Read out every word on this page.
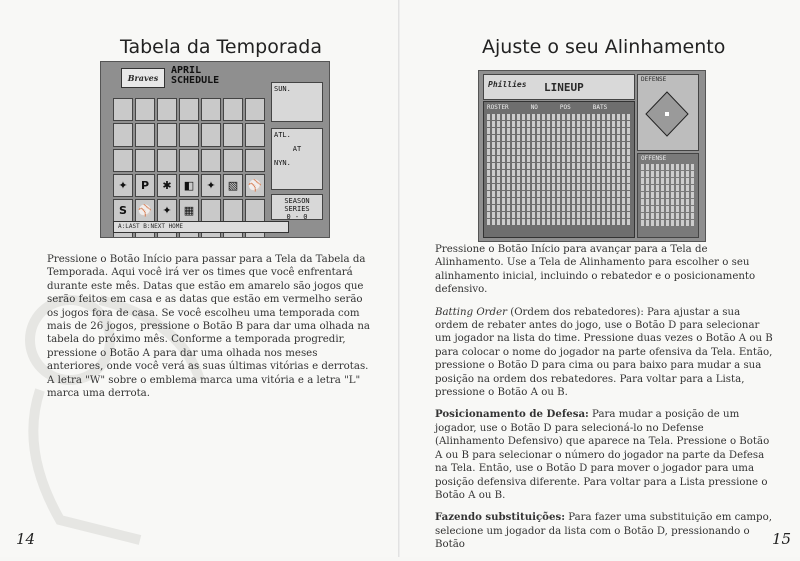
Tabela da Temporada
Braves
APRIL
SCHEDULE
✦	P	✱	◧	✦	▧ ⚾
S	⚾ ✦	▦
SUN.
ATL.
AT
NYN.
SEASON SERIES
0 - 0
A:LAST B:NEXT HOME

Pressione o Botão Início para passar para a Tela da Tabela da Temporada. Aqui você irá ver os times que você enfrentará durante este mês. Datas que estão em amarelo são jogos que serão feitos em casa e as datas que estão em vermelho serão os jogos fora de casa. Se você escolheu uma temporada com mais de 26 jogos, pressione o Botão B para dar uma olhada na tabela do próximo mês. Conforme a temporada progredir, pressione o Botão A para dar uma olhada nos meses anteriores, onde você verá as suas últimas vitórias e derrotas. A letra "W" sobre o emblema marca uma vitória e a letra "L" marca uma derrota.

14
Ajuste o seu Alinhamento
Phillies LINEUP
ROSTER	NO	POS	BATS
DEFENSE
OFFENSE

Pressione o Botão Início para avançar para a Tela de Alinhamento. Use a Tela de Alinhamento para escolher o seu alinhamento inicial, incluindo o rebatedor e o posicionamento defensivo.

Batting Order (Ordem dos rebatedores): Para ajustar a sua ordem de rebater antes do jogo, use o Botão D para selecionar um jogador na lista do time. Pressione duas vezes o Botão A ou B para colocar o nome do jogador na parte ofensiva da Tela. Então, pressione o Botão D para cima ou para baixo para mudar a sua posição na ordem dos rebatedores. Para voltar para a Lista, pressione o Botão A ou B.

Posicionamento de Defesa: Para mudar a posição de um jogador, use o Botão D para selecioná-lo no Defense (Alinhamento Defensivo) que aparece na Tela. Pressione o Botão A ou B para selecionar o número do jogador na parte da Defesa na Tela. Então, use o Botão D para mover o jogador para uma posição defensiva diferente. Para voltar para a Lista pressione o Botão A ou B.

Fazendo substituições: Para fazer uma substituição em campo, selecione um jogador da lista com o Botão D, pressionando o Botão	15
